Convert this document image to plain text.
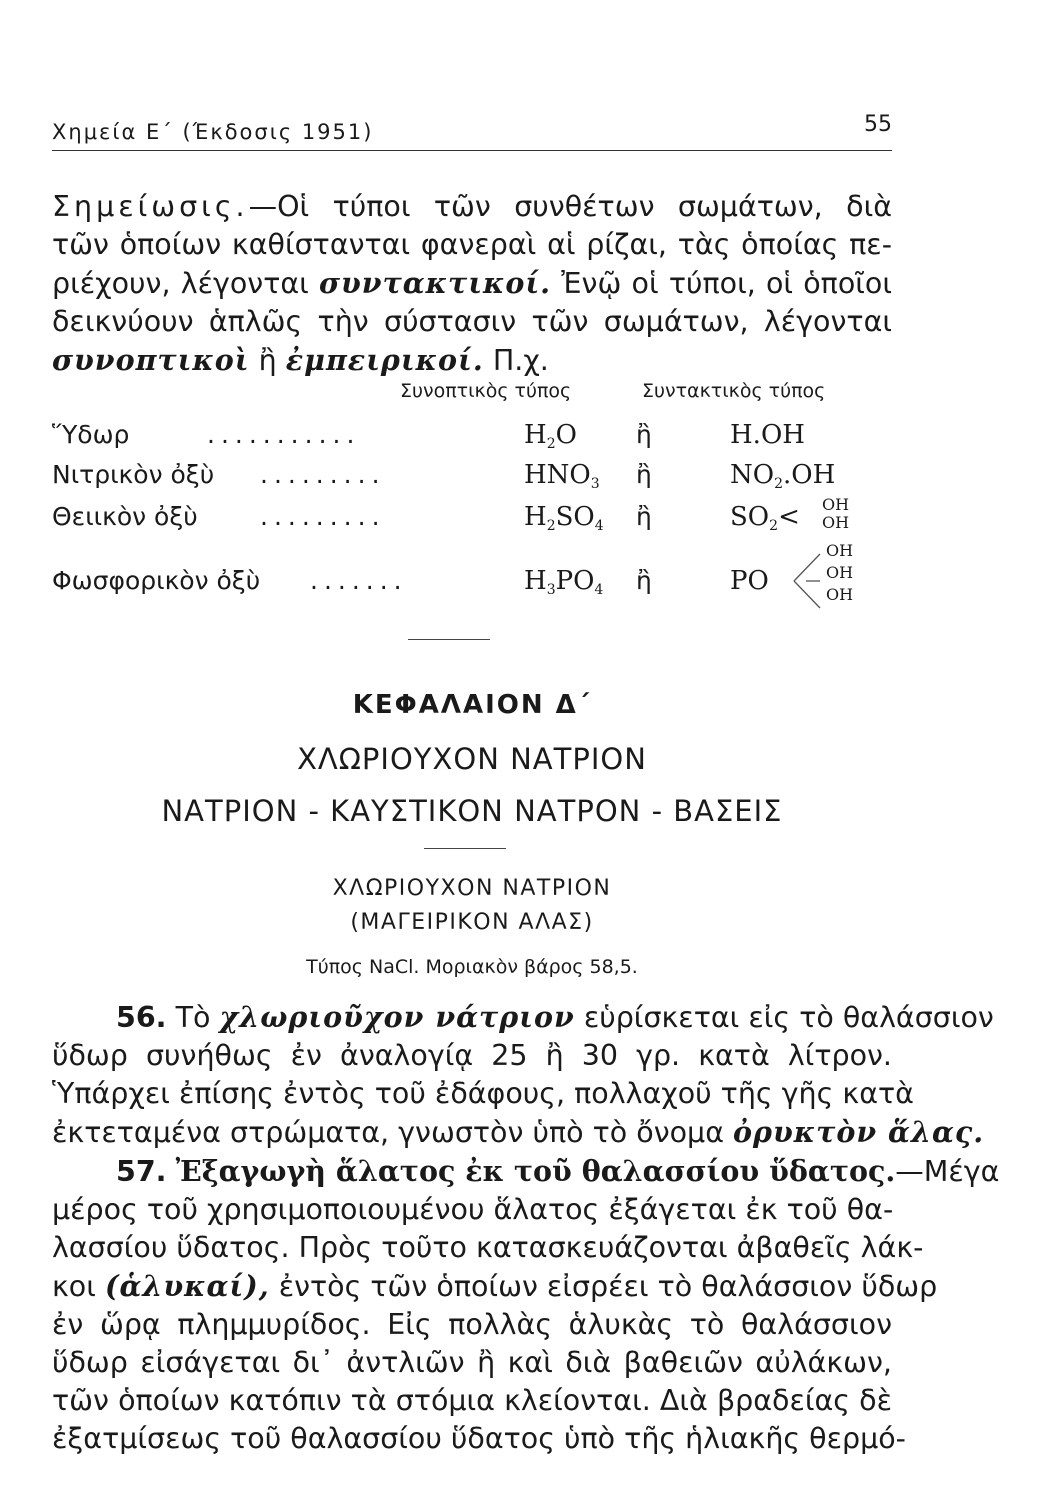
Χημεία Ε΄ (Έκδοσις 1951)	55
Σημείωσις.—Οἱ τύποι τῶν συνθέτων σωμάτων, διὰ
τῶν ὁποίων καθίστανται φανεραὶ αἱ ρίζαι, τὰς ὁποίας πε-
ριέχουν, λέγονται συντακτικοί. Ἐνῷ οἱ τύποι, οἱ ὁποῖοι
δεικνύουν ἁπλῶς τὴν σύστασιν τῶν σωμάτων, λέγονται
συνοπτικοὶ ἢ ἐμπειρικοί. Π.χ.
Συνοπτικὸς τύπος	Συντακτικὸς τύπος
Ὕδωρ	...........	$H_2O$ ἢ	H.OH
Νιτρικὸν ὀξὺ .........	$HNO_3$ ἢ	$NO_2.OH$
Θειικὸν ὀξὺ .........	$H_2SO_4$ ἢ	$SO_2<$ OH
OH
Φωσφορικὸν ὀξὺ .......	$H_3PO_4$ ἢ	PO
OH
OH
OH
ΚΕΦΑΛΑΙΟΝ Δ΄
ΧΛΩΡΙΟΥΧΟΝ ΝΑΤΡΙΟΝ
ΝΑΤΡΙΟΝ - ΚΑΥΣΤΙΚΟΝ ΝΑΤΡΟΝ - ΒΑΣΕΙΣ
ΧΛΩΡΙΟΥΧΟΝ ΝΑΤΡΙΟΝ
(ΜΑΓΕΙΡΙΚΟΝ ΑΛΑΣ)
Τύπος NaCl. Μοριακὸν βάρος 58,5.
56. Τὸ χλωριοῦχον νάτριον εὑρίσκεται εἰς τὸ θαλάσσιον
ὕδωρ συνήθως ἐν ἀναλογίᾳ 25 ἢ 30 γρ. κατὰ λίτρον.
Ὑπάρχει ἐπίσης ἐντὸς τοῦ ἐδάφους, πολλαχοῦ τῆς γῆς κατὰ
ἐκτεταμένα στρώματα, γνωστὸν ὑπὸ τὸ ὄνομα ὀρυκτὸν ἅλας.
57. Ἐξαγωγὴ ἅλατος ἐκ τοῦ θαλασσίου ὕδατος.—Μέγα
μέρος τοῦ χρησιμοποιουμένου ἅλατος ἐξάγεται ἐκ τοῦ θα-
λασσίου ὕδατος. Πρὸς τοῦτο κατασκευάζονται ἀβαθεῖς λάκ-
κοι (ἁλυκαί), ἐντὸς τῶν ὁποίων εἰσρέει τὸ θαλάσσιον ὕδωρ
ἐν ὥρᾳ πλημμυρίδος. Εἰς πολλὰς ἁλυκὰς τὸ θαλάσσιον
ὕδωρ εἰσάγεται δι᾽ ἀντλιῶν ἢ καὶ διὰ βαθειῶν αὐλάκων,
τῶν ὁποίων κατόπιν τὰ στόμια κλείονται. Διὰ βραδείας δὲ
ἐξατμίσεως τοῦ θαλασσίου ὕδατος ὑπὸ τῆς ἡλιακῆς θερμό-
